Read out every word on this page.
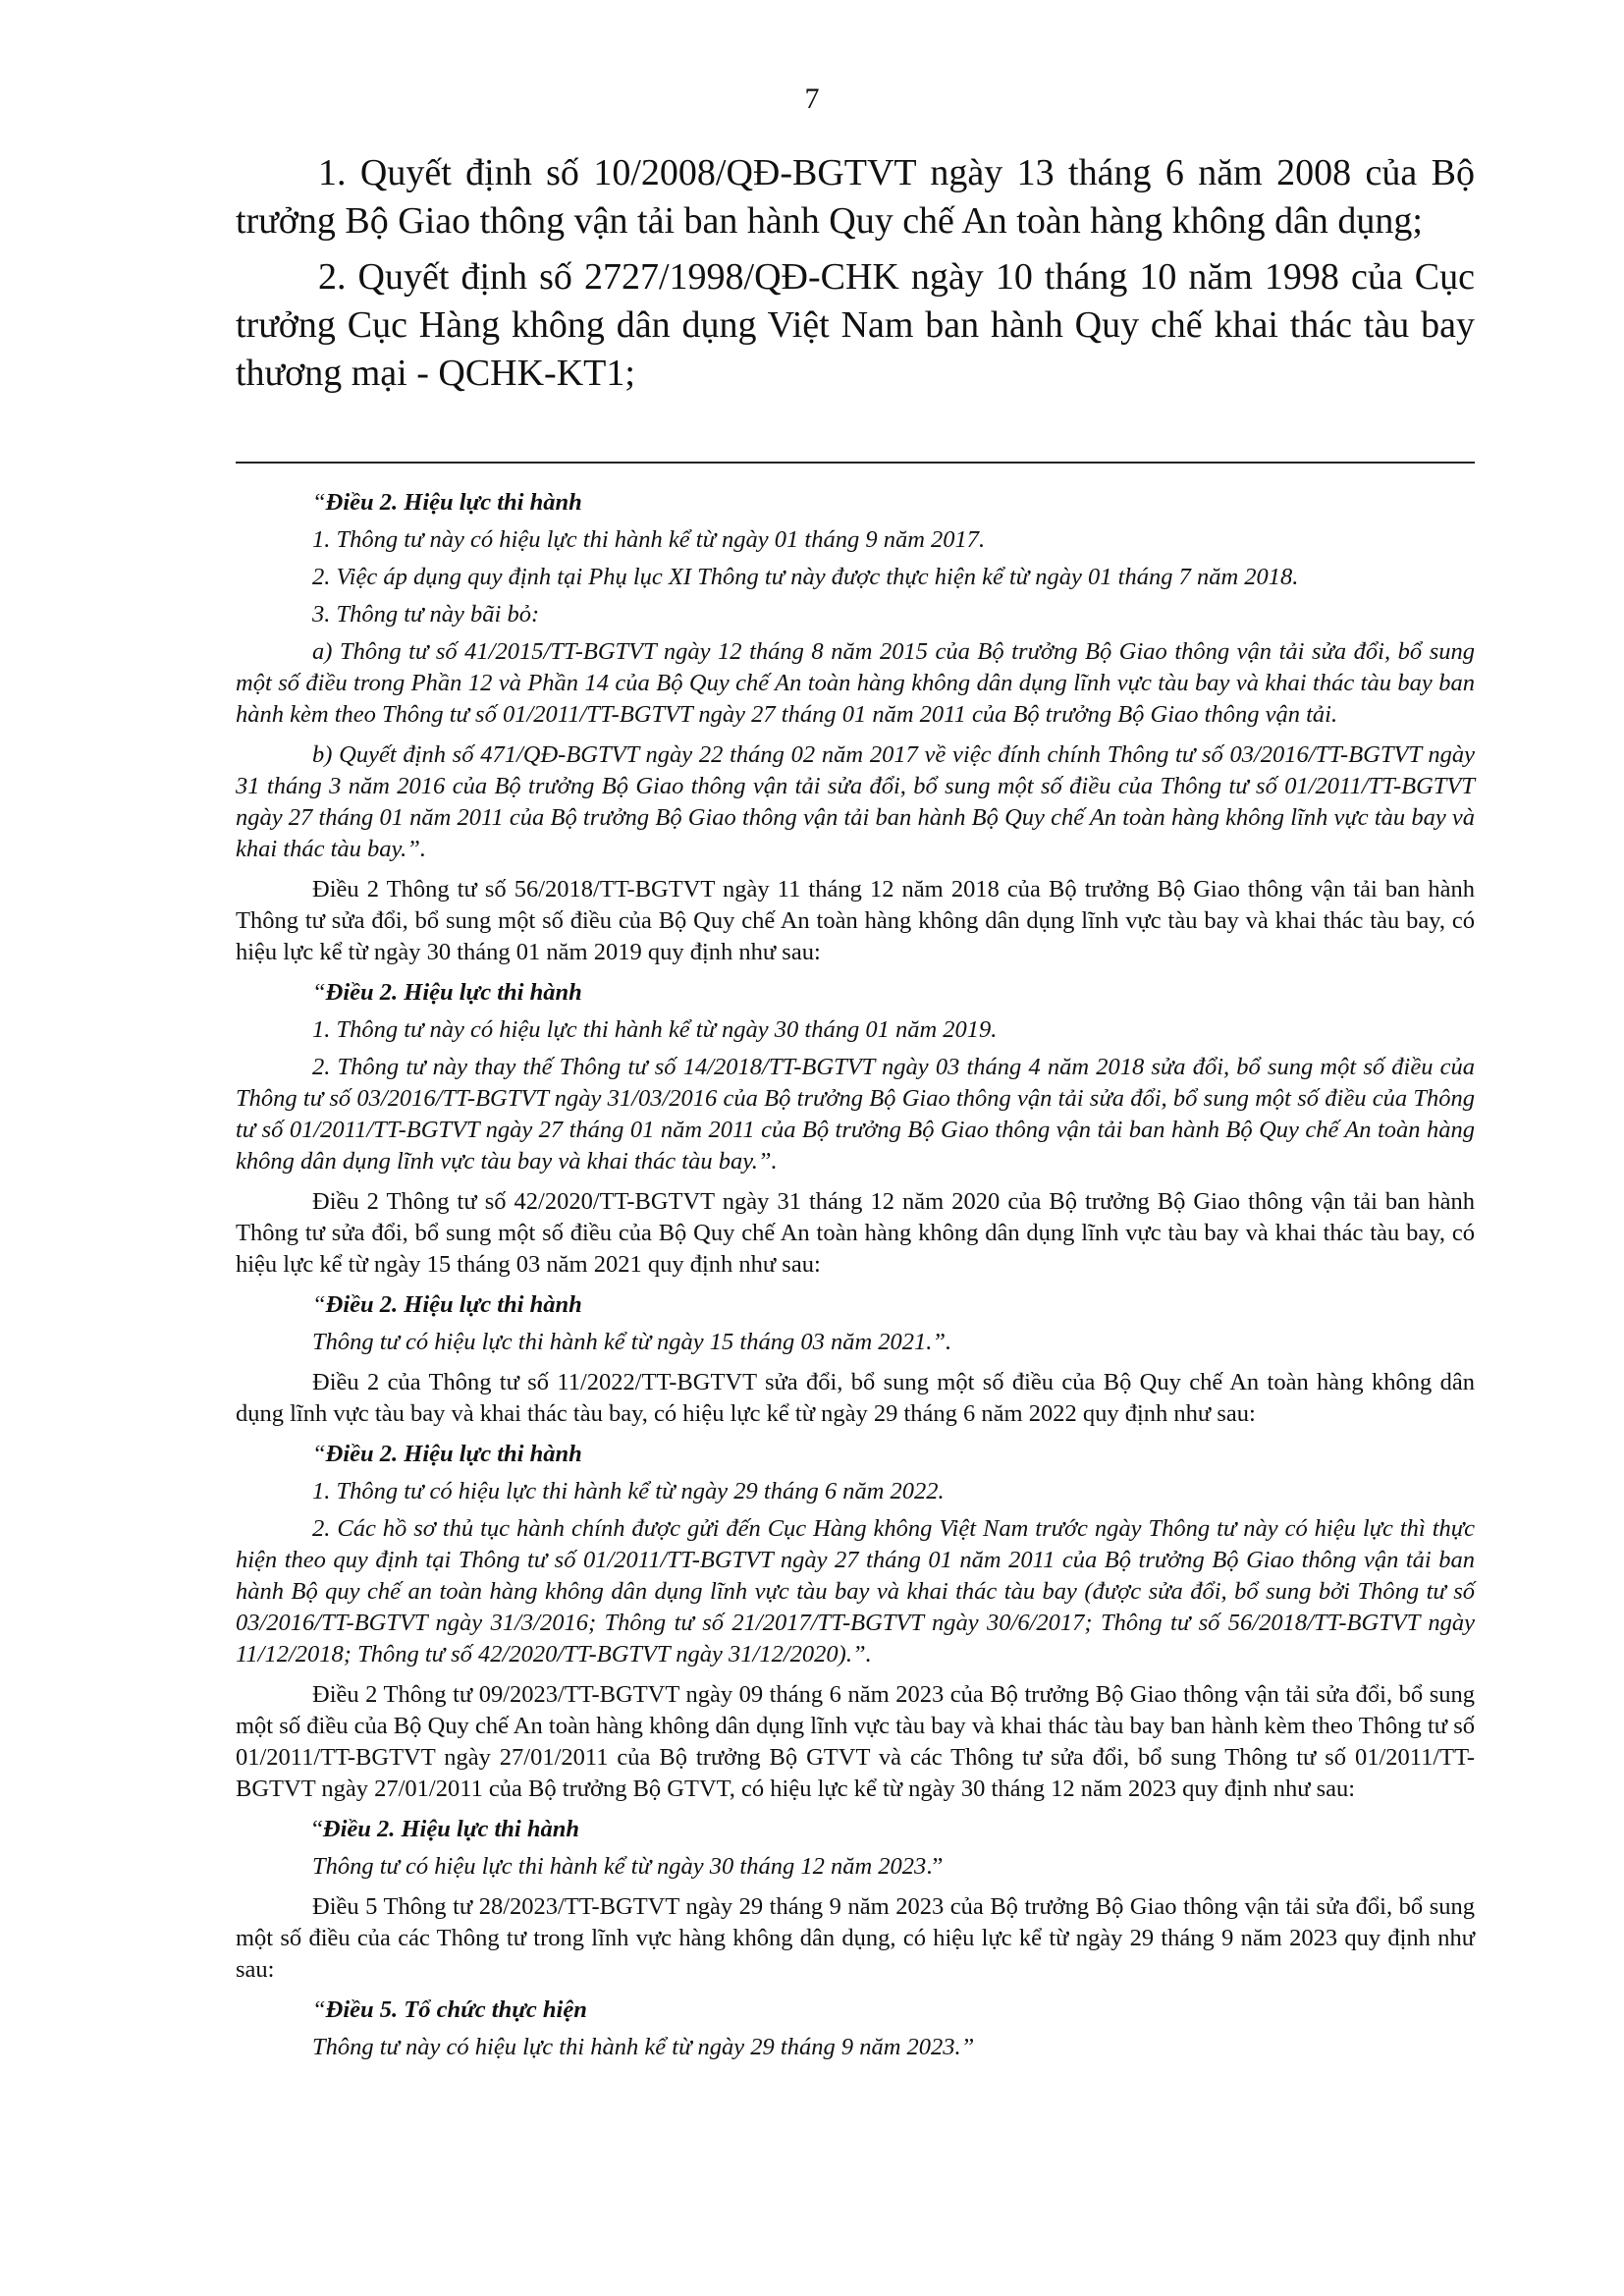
7

1. Quyết định số 10/2008/QĐ-BGTVT ngày 13 tháng 6 năm 2008 của Bộ trưởng Bộ Giao thông vận tải ban hành Quy chế An toàn hàng không dân dụng;

2. Quyết định số 2727/1998/QĐ-CHK ngày 10 tháng 10 năm 1998 của Cục trưởng Cục Hàng không dân dụng Việt Nam ban hành Quy chế khai thác tàu bay thương mại - QCHK-KT1;

“Điều 2. Hiệu lực thi hành

1. Thông tư này có hiệu lực thi hành kể từ ngày 01 tháng 9 năm 2017.

2. Việc áp dụng quy định tại Phụ lục XI Thông tư này được thực hiện kể từ ngày 01 tháng 7 năm 2018.

3. Thông tư này bãi bỏ:

a) Thông tư số 41/2015/TT-BGTVT ngày 12 tháng 8 năm 2015 của Bộ trưởng Bộ Giao thông vận tải sửa đổi, bổ sung một số điều trong Phần 12 và Phần 14 của Bộ Quy chế An toàn hàng không dân dụng lĩnh vực tàu bay và khai thác tàu bay ban hành kèm theo Thông tư số 01/2011/TT-BGTVT ngày 27 tháng 01 năm 2011 của Bộ trưởng Bộ Giao thông vận tải.

b) Quyết định số 471/QĐ-BGTVT ngày 22 tháng 02 năm 2017 về việc đính chính Thông tư số 03/2016/TT-BGTVT ngày 31 tháng 3 năm 2016 của Bộ trưởng Bộ Giao thông vận tải sửa đổi, bổ sung một số điều của Thông tư số 01/2011/TT-BGTVT ngày 27 tháng 01 năm 2011 của Bộ trưởng Bộ Giao thông vận tải ban hành Bộ Quy chế An toàn hàng không lĩnh vực tàu bay và khai thác tàu bay.”.

Điều 2 Thông tư số 56/2018/TT-BGTVT ngày 11 tháng 12 năm 2018 của Bộ trưởng Bộ Giao thông vận tải ban hành Thông tư sửa đổi, bổ sung một số điều của Bộ Quy chế An toàn hàng không dân dụng lĩnh vực tàu bay và khai thác tàu bay, có hiệu lực kể từ ngày 30 tháng 01 năm 2019 quy định như sau:

“Điều 2. Hiệu lực thi hành

1. Thông tư này có hiệu lực thi hành kể từ ngày 30 tháng 01 năm 2019.

2. Thông tư này thay thế Thông tư số 14/2018/TT-BGTVT ngày 03 tháng 4 năm 2018 sửa đổi, bổ sung một số điều của Thông tư số 03/2016/TT-BGTVT ngày 31/03/2016 của Bộ trưởng Bộ Giao thông vận tải sửa đổi, bổ sung một số điều của Thông tư số 01/2011/TT-BGTVT ngày 27 tháng 01 năm 2011 của Bộ trưởng Bộ Giao thông vận tải ban hành Bộ Quy chế An toàn hàng không dân dụng lĩnh vực tàu bay và khai thác tàu bay.”.

Điều 2 Thông tư số 42/2020/TT-BGTVT ngày 31 tháng 12 năm 2020 của Bộ trưởng Bộ Giao thông vận tải ban hành Thông tư sửa đổi, bổ sung một số điều của Bộ Quy chế An toàn hàng không dân dụng lĩnh vực tàu bay và khai thác tàu bay, có hiệu lực kể từ ngày 15 tháng 03 năm 2021 quy định như sau:

“Điều 2. Hiệu lực thi hành

Thông tư có hiệu lực thi hành kể từ ngày 15 tháng 03 năm 2021.”.

Điều 2 của Thông tư số 11/2022/TT-BGTVT sửa đổi, bổ sung một số điều của Bộ Quy chế An toàn hàng không dân dụng lĩnh vực tàu bay và khai thác tàu bay, có hiệu lực kể từ ngày 29 tháng 6 năm 2022 quy định như sau:

“Điều 2. Hiệu lực thi hành

1. Thông tư có hiệu lực thi hành kể từ ngày 29 tháng 6 năm 2022.

2. Các hồ sơ thủ tục hành chính được gửi đến Cục Hàng không Việt Nam trước ngày Thông tư này có hiệu lực thì thực hiện theo quy định tại Thông tư số 01/2011/TT-BGTVT ngày 27 tháng 01 năm 2011 của Bộ trưởng Bộ Giao thông vận tải ban hành Bộ quy chế an toàn hàng không dân dụng lĩnh vực tàu bay và khai thác tàu bay (được sửa đổi, bổ sung bởi Thông tư số 03/2016/TT-BGTVT ngày 31/3/2016; Thông tư số 21/2017/TT-BGTVT ngày 30/6/2017; Thông tư số 56/2018/TT-BGTVT ngày 11/12/2018; Thông tư số 42/2020/TT-BGTVT ngày 31/12/2020).”.

Điều 2 Thông tư 09/2023/TT-BGTVT ngày 09 tháng 6 năm 2023 của Bộ trưởng Bộ Giao thông vận tải sửa đổi, bổ sung một số điều của Bộ Quy chế An toàn hàng không dân dụng lĩnh vực tàu bay và khai thác tàu bay ban hành kèm theo Thông tư số 01/2011/TT-BGTVT ngày 27/01/2011 của Bộ trưởng Bộ GTVT và các Thông tư sửa đổi, bổ sung Thông tư số 01/2011/TT-BGTVT ngày 27/01/2011 của Bộ trưởng Bộ GTVT, có hiệu lực kể từ ngày 30 tháng 12 năm 2023 quy định như sau:

“Điều 2. Hiệu lực thi hành

Thông tư có hiệu lực thi hành kể từ ngày 30 tháng 12 năm 2023.”

Điều 5 Thông tư 28/2023/TT-BGTVT ngày 29 tháng 9 năm 2023 của Bộ trưởng Bộ Giao thông vận tải sửa đổi, bổ sung một số điều của các Thông tư trong lĩnh vực hàng không dân dụng, có hiệu lực kể từ ngày 29 tháng 9 năm 2023 quy định như sau:

“Điều 5. Tổ chức thực hiện

Thông tư này có hiệu lực thi hành kể từ ngày 29 tháng 9 năm 2023.”
